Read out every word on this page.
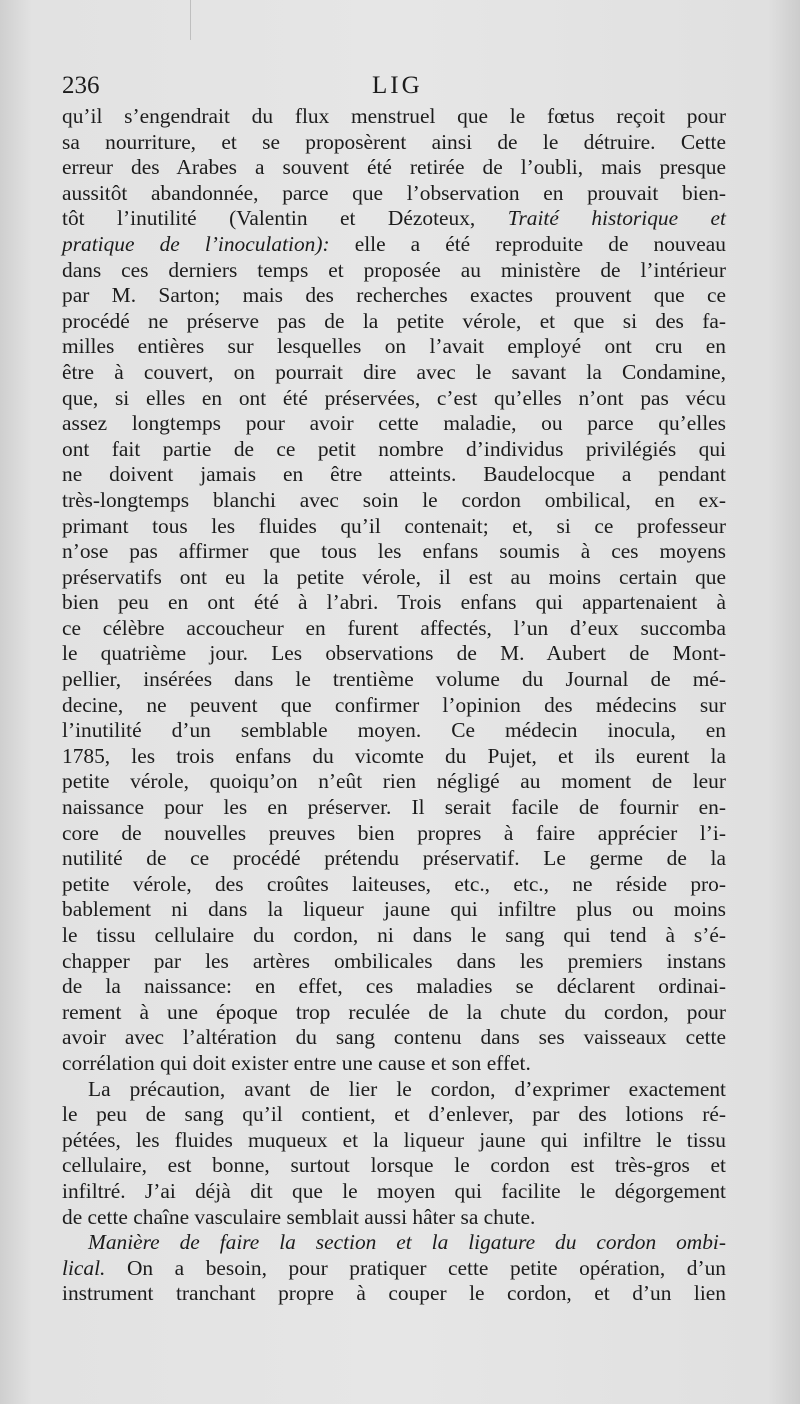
236	LIG
qu’il s’engendrait du flux menstruel que le fœtus reçoit pour
sa nourriture, et se proposèrent ainsi de le détruire. Cette
erreur des Arabes a souvent été retirée de l’oubli, mais presque
aussitôt abandonnée, parce que l’observation en prouvait bien-
tôt l’inutilité (Valentin et Dézoteux, Traité historique et
pratique de l’inoculation): elle a été reproduite de nouveau
dans ces derniers temps et proposée au ministère de l’intérieur
par M. Sarton; mais des recherches exactes prouvent que ce
procédé ne préserve pas de la petite vérole, et que si des fa-
milles entières sur lesquelles on l’avait employé ont cru en
être à couvert, on pourrait dire avec le savant la Condamine,
que, si elles en ont été préservées, c’est qu’elles n’ont pas vécu
assez longtemps pour avoir cette maladie, ou parce qu’elles
ont fait partie de ce petit nombre d’individus privilégiés qui
ne doivent jamais en être atteints. Baudelocque a pendant
très-longtemps blanchi avec soin le cordon ombilical, en ex-
primant tous les fluides qu’il contenait; et, si ce professeur
n’ose pas affirmer que tous les enfans soumis à ces moyens
préservatifs ont eu la petite vérole, il est au moins certain que
bien peu en ont été à l’abri. Trois enfans qui appartenaient à
ce célèbre accoucheur en furent affectés, l’un d’eux succomba
le quatrième jour. Les observations de M. Aubert de Mont-
pellier, insérées dans le trentième volume du Journal de mé-
decine, ne peuvent que confirmer l’opinion des médecins sur
l’inutilité d’un semblable moyen. Ce médecin inocula, en
1785, les trois enfans du vicomte du Pujet, et ils eurent la
petite vérole, quoiqu’on n’eût rien négligé au moment de leur
naissance pour les en préserver. Il serait facile de fournir en-
core de nouvelles preuves bien propres à faire apprécier l’i-
nutilité de ce procédé prétendu préservatif. Le germe de la
petite vérole, des croûtes laiteuses, etc., etc., ne réside pro-
bablement ni dans la liqueur jaune qui infiltre plus ou moins
le tissu cellulaire du cordon, ni dans le sang qui tend à s’é-
chapper par les artères ombilicales dans les premiers instans
de la naissance: en effet, ces maladies se déclarent ordinai-
rement à une époque trop reculée de la chute du cordon, pour
avoir avec l’altération du sang contenu dans ses vaisseaux cette
corrélation qui doit exister entre une cause et son effet.
La précaution, avant de lier le cordon, d’exprimer exactement
le peu de sang qu’il contient, et d’enlever, par des lotions ré-
pétées, les fluides muqueux et la liqueur jaune qui infiltre le tissu
cellulaire, est bonne, surtout lorsque le cordon est très-gros et
infiltré. J’ai déjà dit que le moyen qui facilite le dégorgement
de cette chaîne vasculaire semblait aussi hâter sa chute.
Manière de faire la section et la ligature du cordon ombi-
lical. On a besoin, pour pratiquer cette petite opération, d’un
instrument tranchant propre à couper le cordon, et d’un lien
